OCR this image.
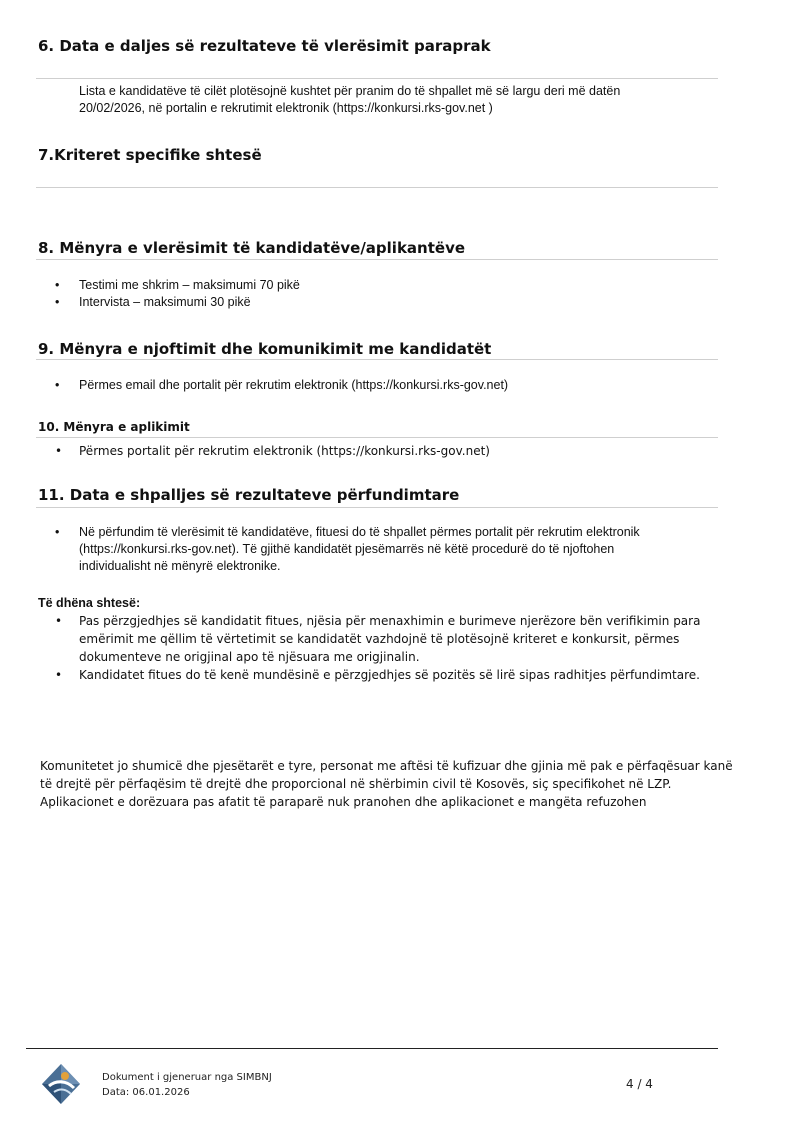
6. Data e daljes së rezultateve të vlerësimit paraprak
Lista e kandidatëve të cilët plotësojnë kushtet për pranim do të shpallet më së largu deri më datën
20/02/2026, në portalin e rekrutimit elektronik (https://konkursi.rks-gov.net )
7.Kriteret specifike shtesë
8. Mënyra e vlerësimit të kandidatëve/aplikantëve
• Testimi me shkrim – maksimumi 70 pikë
• Intervista – maksimumi 30 pikë
9. Mënyra e njoftimit dhe komunikimit me kandidatët
• Përmes email dhe portalit për rekrutim elektronik (https://konkursi.rks-gov.net)
10. Mënyra e aplikimit
• Përmes portalit për rekrutim elektronik (https://konkursi.rks-gov.net)
11. Data e shpalljes së rezultateve përfundimtare
• Në përfundim të vlerësimit të kandidatëve, fituesi do të shpallet përmes portalit për rekrutim elektronik
(https://konkursi.rks-gov.net). Të gjithë kandidatët pjesëmarrës në këtë procedurë do të njoftohen
individualisht në mënyrë elektronike.
Të dhëna shtesë:
• Pas përzgjedhjes së kandidatit fitues, njësia për menaxhimin e burimeve njerëzore bën verifikimin para
emërimit me qëllim të vërtetimit se kandidatët vazhdojnë të plotësojnë kriteret e konkursit, përmes
dokumenteve ne origjinal apo të njësuara me origjinalin.
• Kandidatet fitues do të kenë mundësinë e përzgjedhjes së pozitës së lirë sipas radhitjes përfundimtare.
Komunitetet jo shumicë dhe pjesëtarët e tyre, personat me aftësi të kufizuar dhe gjinia më pak e përfaqësuar kanë
të drejtë për përfaqësim të drejtë dhe proporcional në shërbimin civil të Kosovës, siç specifikohet në LZP.
Aplikacionet e dorëzuara pas afatit të paraparë nuk pranohen dhe aplikacionet e mangëta refuzohen
Dokument i gjeneruar nga SIMBNJ
Data: 06.01.2026
4 / 4
